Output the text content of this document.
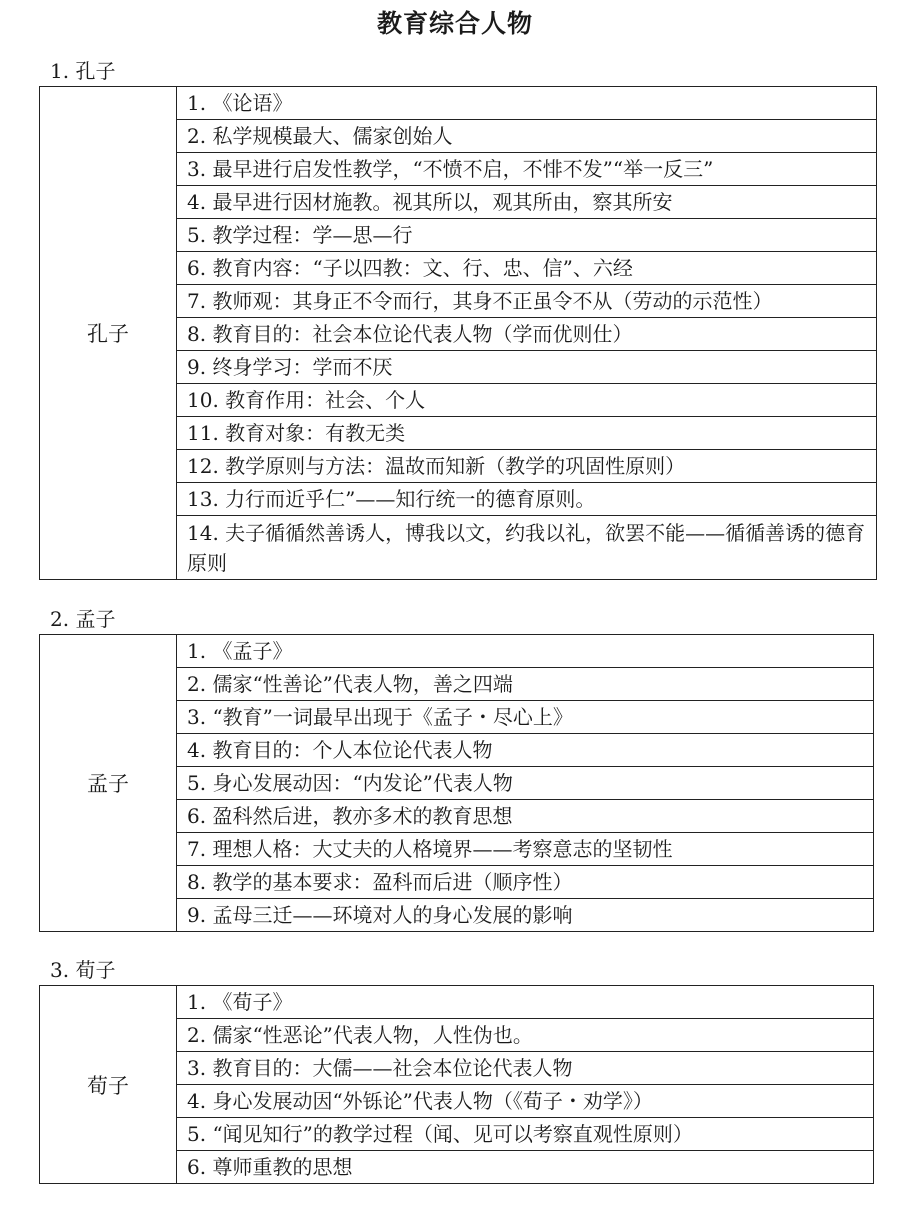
教育综合人物
1. 孔子
孔子	1. 《论语》
2. 私学规模最大、儒家创始人
3. 最早进行启发性教学，“不愤不启，不悱不发”“举一反三”
4. 最早进行因材施教。视其所以，观其所由，察其所安
5. 教学过程：学—思—行
6. 教育内容：“子以四教：文、行、忠、信”、六经
7. 教师观：其身正不令而行，其身不正虽令不从（劳动的示范性）
8. 教育目的：社会本位论代表人物（学而优则仕）
9. 终身学习：学而不厌
10. 教育作用：社会、个人
11. 教育对象：有教无类
12. 教学原则与方法：温故而知新（教学的巩固性原则）
13. 力行而近乎仁”——知行统一的德育原则。
14. 夫子循循然善诱人，博我以文，约我以礼，欲罢不能——循循善诱的德育原则
2. 孟子
孟子	1. 《孟子》
2. 儒家“性善论”代表人物，善之四端
3. “教育”一词最早出现于《孟子・尽心上》
4. 教育目的：个人本位论代表人物
5. 身心发展动因：“内发论”代表人物
6. 盈科然后进，教亦多术的教育思想
7. 理想人格：大丈夫的人格境界——考察意志的坚韧性
8. 教学的基本要求：盈科而后进（顺序性）
9. 孟母三迁——环境对人的身心发展的影响
3. 荀子
荀子	1. 《荀子》
2. 儒家“性恶论”代表人物，人性伪也。
3. 教育目的：大儒——社会本位论代表人物
4. 身心发展动因“外铄论”代表人物（《荀子・劝学》）
5. “闻见知行”的教学过程（闻、见可以考察直观性原则）
6. 尊师重教的思想
